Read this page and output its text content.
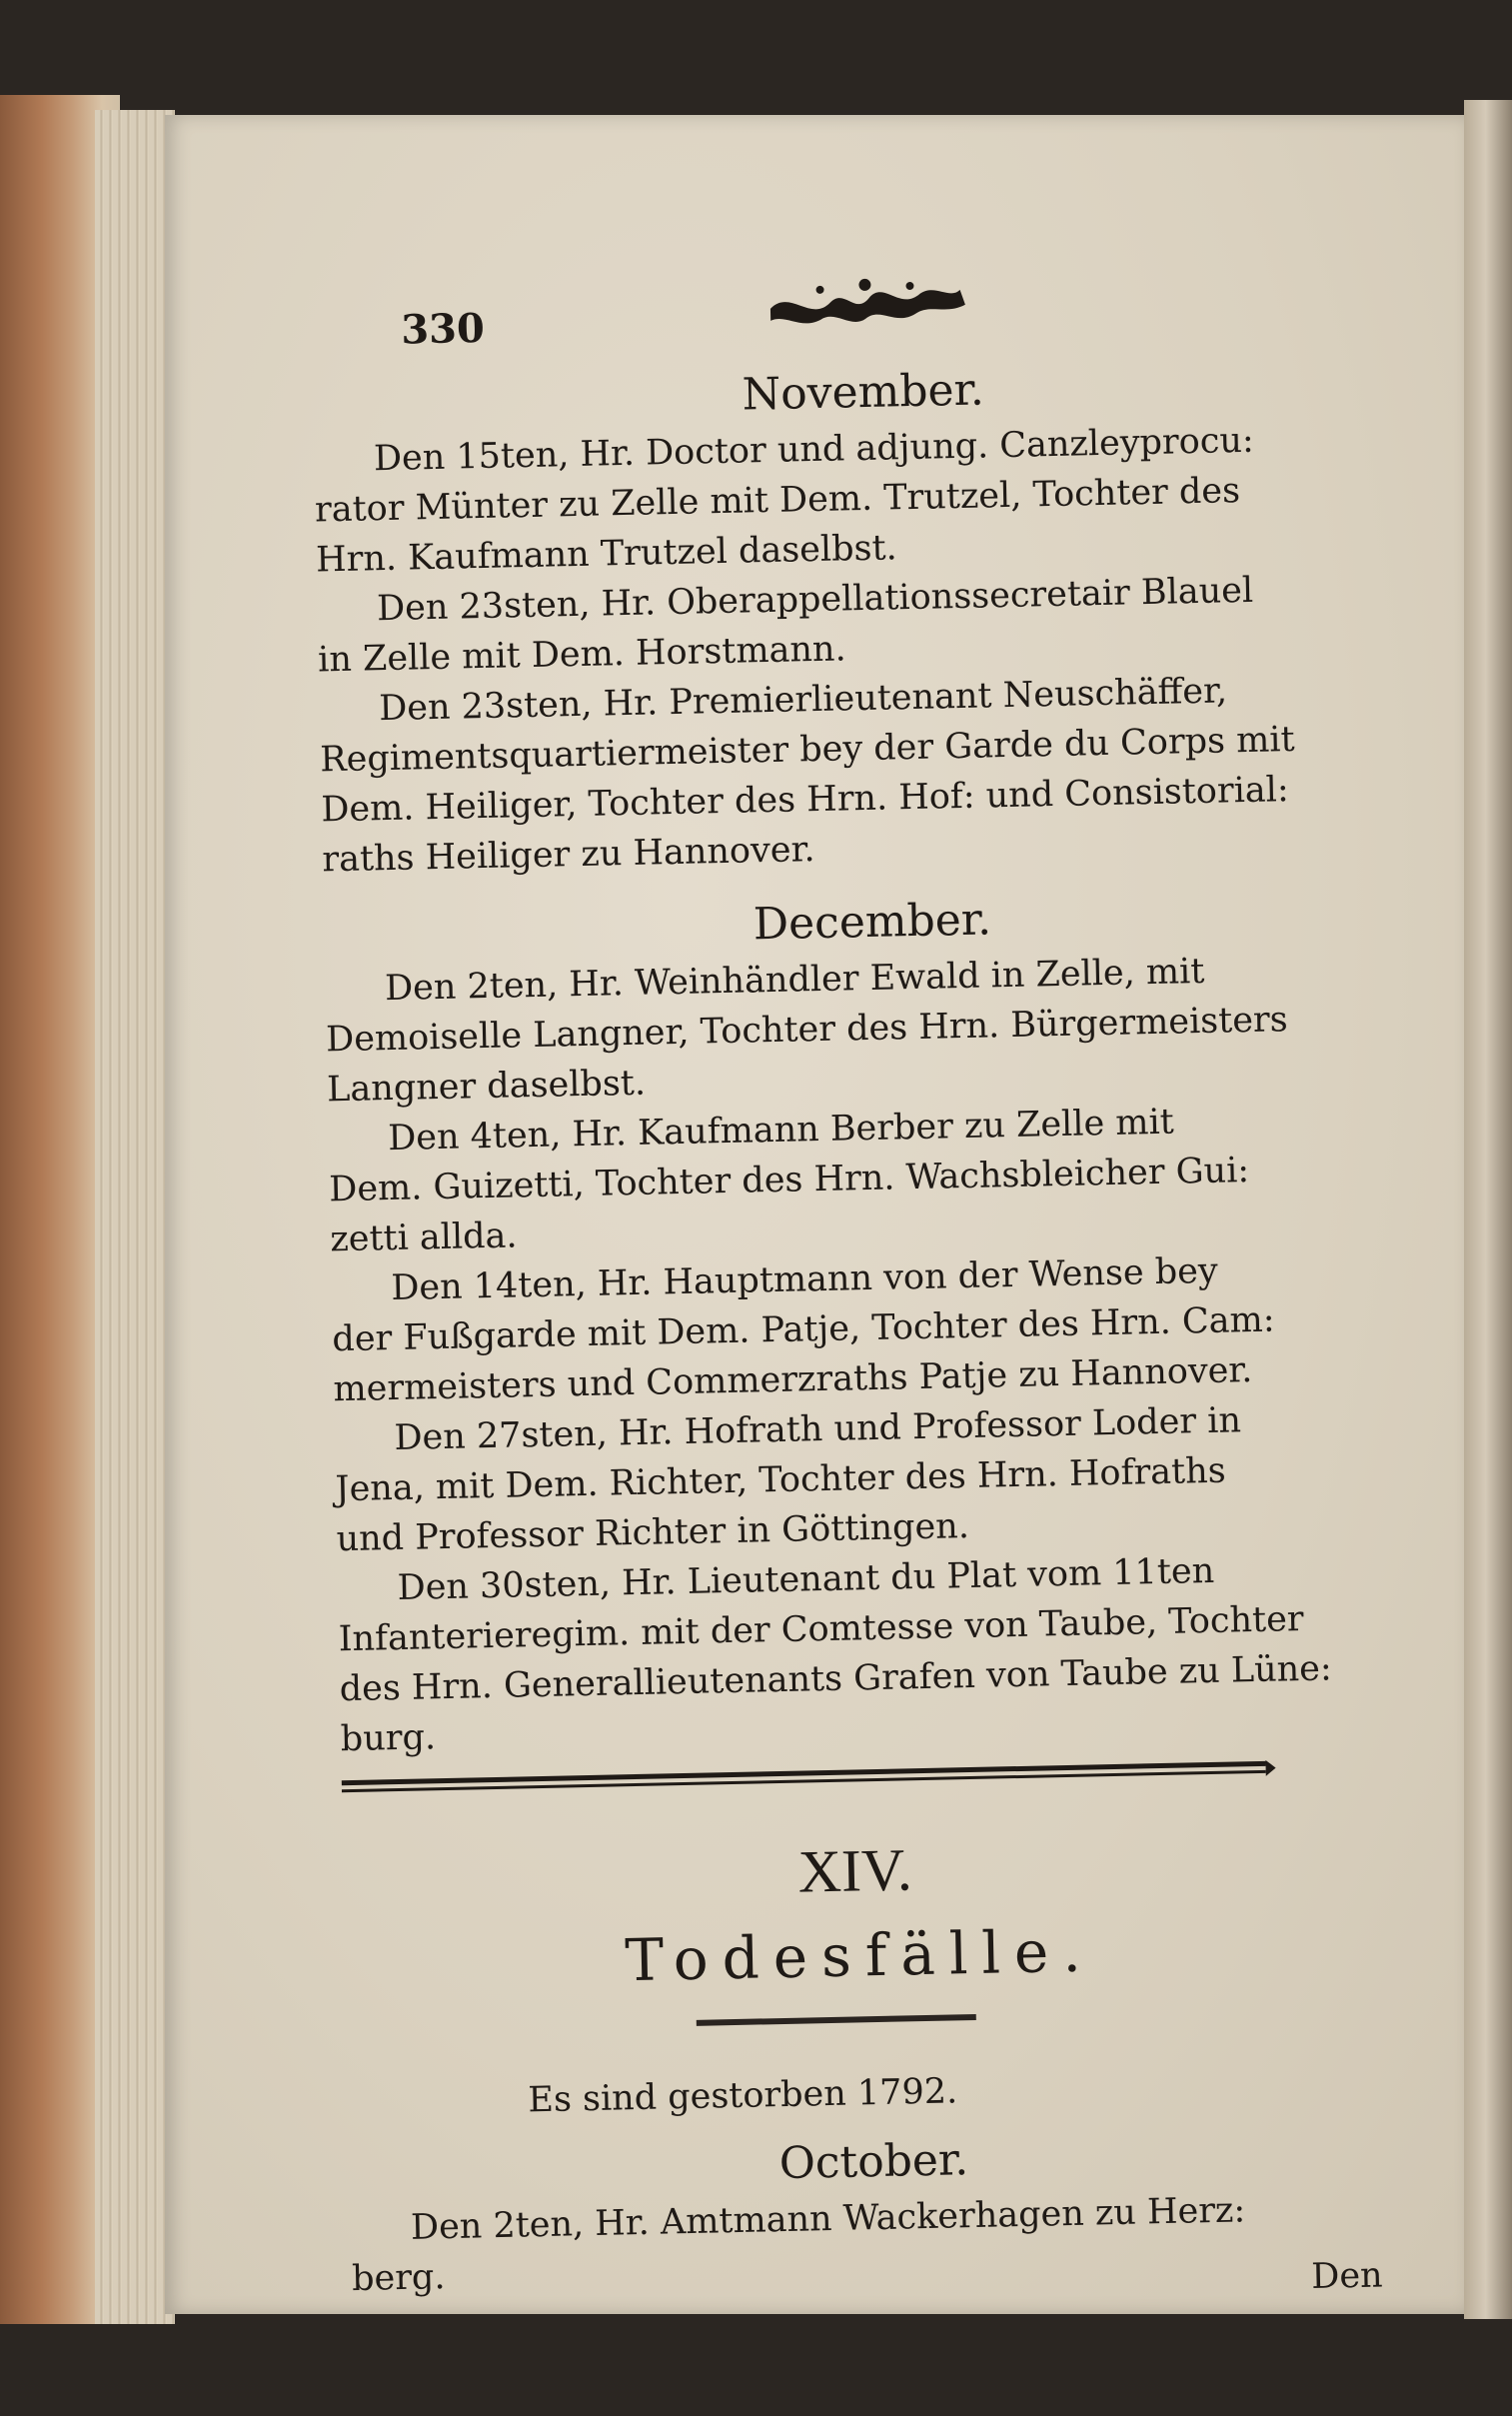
330
November.
Den 15ten, Hr. Doctor und adjung. Canzleyprocu:
rator Münter zu Zelle mit Dem. Trutzel, Tochter des
Hrn. Kaufmann Trutzel daselbst.
Den 23sten, Hr. Oberappellationssecretair Blauel
in Zelle mit Dem. Horstmann.
Den 23sten, Hr. Premierlieutenant Neuschäffer,
Regimentsquartiermeister bey der Garde du Corps mit
Dem. Heiliger, Tochter des Hrn. Hof: und Consistorial:
raths Heiliger zu Hannover.
December.
Den 2ten, Hr. Weinhändler Ewald in Zelle, mit
Demoiselle Langner, Tochter des Hrn. Bürgermeisters
Langner daselbst.
Den 4ten, Hr. Kaufmann Berber zu Zelle mit
Dem. Guizetti, Tochter des Hrn. Wachsbleicher Gui:
zetti allda.
Den 14ten, Hr. Hauptmann von der Wense bey
der Fußgarde mit Dem. Patje, Tochter des Hrn. Cam:
mermeisters und Commerzraths Patje zu Hannover.
Den 27sten, Hr. Hofrath und Professor Loder in
Jena, mit Dem. Richter, Tochter des Hrn. Hofraths
und Professor Richter in Göttingen.
Den 30sten, Hr. Lieutenant du Plat vom 11ten
Infanterieregim. mit der Comtesse von Taube, Tochter
des Hrn. Generallieutenants Grafen von Taube zu Lüne:
burg.
XIV.
Todesfälle.
Es sind gestorben 1792.
October.
Den 2ten, Hr. Amtmann Wackerhagen zu Herz:
berg.	Den
